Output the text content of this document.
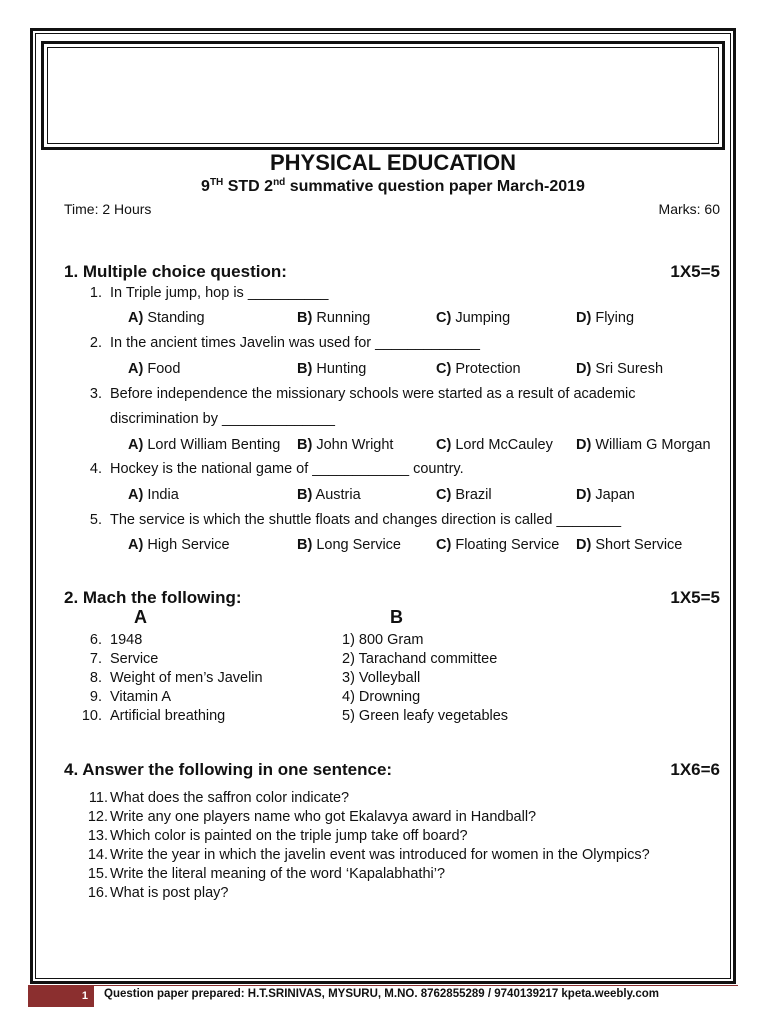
PHYSICAL EDUCATION
9TH STD 2nd summative question paper March-2019
Time: 2 Hours	Marks: 60
1. Multiple choice question:	1X5=5
1. In Triple jump, hop is __________
A) Standing	B) Running	C) Jumping	D) Flying
2. In the ancient times Javelin was used for _____________
A) Food	B) Hunting	C) Protection	D) Sri Suresh
3. Before independence the missionary schools were started as a result of academic
discrimination by ______________
A) Lord William Benting B) John Wright	C) Lord McCauley D) William G Morgan
4. Hockey is the national game of ____________ country.
A) India	B) Austria	C) Brazil	D) Japan
5. The service is which the shuttle floats and changes direction is called ________
A) High Service	B) Long Service C) Floating Service D) Short Service
2. Mach the following:	1X5=5
A	B
6. 1948	1) 800 Gram
7. Service	2) Tarachand committee
8. Weight of men’s Javelin	3) Volleyball
9. Vitamin A	4) Drowning
10. Artificial breathing	5) Green leafy vegetables
4. Answer the following in one sentence:	1X6=6
11. What does the saffron color indicate?
12. Write any one players name who got Ekalavya award in Handball?
13. Which color is painted on the triple jump take off board?
14. Write the year in which the javelin event was introduced for women in the Olympics?
15. Write the literal meaning of the word ‘Kapalabhathi’?
16. What is post play?
1	Question paper prepared: H.T.SRINIVAS, MYSURU, M.NO. 8762855289 / 9740139217 kpeta.weebly.com
